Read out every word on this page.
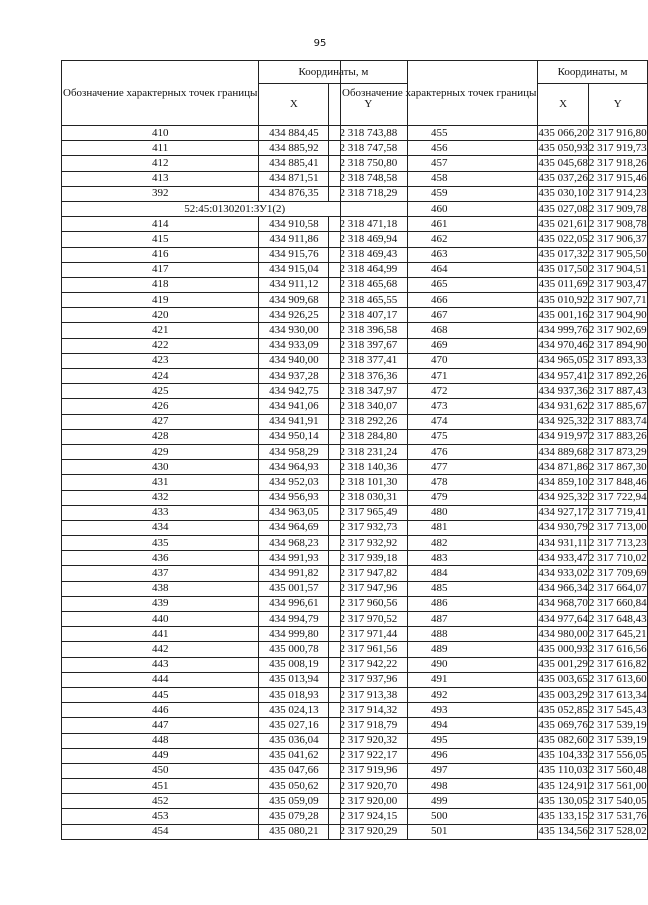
95
Обозначение характерных точек границы	Координаты, м	
	X	Y
410	434 884,45	2 318 743,88
411	434 885,92	2 318 747,58
412	434 885,41	2 318 750,80
413	434 871,51	2 318 748,58
392	434 876,35	2 318 718,29
52:45:0130201:ЗУ1(2)		
414	434 910,58	2 318 471,18
415	434 911,86	2 318 469,94
416	434 915,76	2 318 469,43
417	434 915,04	2 318 464,99
418	434 911,12	2 318 465,68
419	434 909,68	2 318 465,55
420	434 926,25	2 318 407,17
421	434 930,00	2 318 396,58
422	434 933,09	2 318 397,67
423	434 940,00	2 318 377,41
424	434 937,28	2 318 376,36
425	434 942,75	2 318 347,97
426	434 941,06	2 318 340,07
427	434 941,91	2 318 292,26
428	434 950,14	2 318 284,80
429	434 958,29	2 318 231,24
430	434 964,93	2 318 140,36
431	434 952,03	2 318 101,30
432	434 956,93	2 318 030,31
433	434 963,05	2 317 965,49
434	434 964,69	2 317 932,73
435	434 968,23	2 317 932,92
436	434 991,93	2 317 939,18
437	434 991,82	2 317 947,82
438	435 001,57	2 317 947,96
439	434 996,61	2 317 960,56
440	434 994,79	2 317 970,52
441	434 999,80	2 317 971,44
442	435 000,78	2 317 961,56
443	435 008,19	2 317 942,22
444	435 013,94	2 317 937,96
445	435 018,93	2 317 913,38
446	435 024,13	2 317 914,32
447	435 027,16	2 317 918,79
448	435 036,04	2 317 920,32
449	435 041,62	2 317 922,17
450	435 047,66	2 317 919,96
451	435 050,62	2 317 920,70
452	435 059,09	2 317 920,00
453	435 079,28	2 317 924,15
454	435 080,21	2 317 920,29
Обозначение характерных точек границы	Координаты, м	
	X	Y
455	435 066,20	2 317 916,80
456	435 050,93	2 317 919,73
457	435 045,68	2 317 918,26
458	435 037,26	2 317 915,46
459	435 030,10	2 317 914,23
460	435 027,08	2 317 909,78
461	435 021,61	2 317 908,78
462	435 022,05	2 317 906,37
463	435 017,32	2 317 905,50
464	435 017,50	2 317 904,51
465	435 011,69	2 317 903,47
466	435 010,92	2 317 907,71
467	435 001,16	2 317 904,90
468	434 999,76	2 317 902,69
469	434 970,46	2 317 894,90
470	434 965,05	2 317 893,33
471	434 957,41	2 317 892,26
472	434 937,36	2 317 887,43
473	434 931,62	2 317 885,67
474	434 925,32	2 317 883,74
475	434 919,97	2 317 883,26
476	434 889,68	2 317 873,29
477	434 871,86	2 317 867,30
478	434 859,10	2 317 848,46
479	434 925,32	2 317 722,94
480	434 927,17	2 317 719,41
481	434 930,79	2 317 713,00
482	434 931,11	2 317 713,23
483	434 933,47	2 317 710,02
484	434 933,02	2 317 709,69
485	434 966,34	2 317 664,07
486	434 968,70	2 317 660,84
487	434 977,64	2 317 648,43
488	434 980,00	2 317 645,21
489	435 000,93	2 317 616,56
490	435 001,29	2 317 616,82
491	435 003,65	2 317 613,60
492	435 003,29	2 317 613,34
493	435 052,85	2 317 545,43
494	435 069,76	2 317 539,19
495	435 082,60	2 317 539,19
496	435 104,33	2 317 556,05
497	435 110,03	2 317 560,48
498	435 124,91	2 317 561,00
499	435 130,05	2 317 540,05
500	435 133,15	2 317 531,76
501	435 134,56	2 317 528,02
